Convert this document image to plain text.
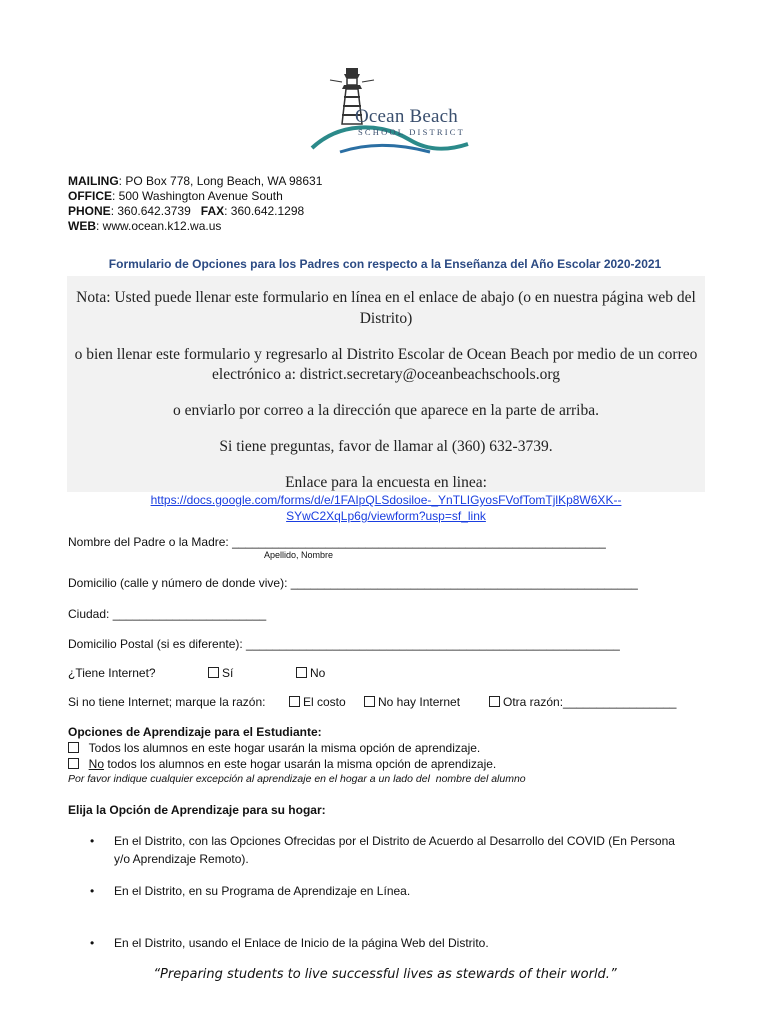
Ocean Beach
SCHOOL DISTRICT
MAILING: PO Box 778, Long Beach, WA 98631
OFFICE: 500 Washington Avenue South
PHONE: 360.642.3739 FAX: 360.642.1298
WEB: www.ocean.k12.wa.us
Formulario de Opciones para los Padres con respecto a la Enseñanza del Año Escolar 2020-2021
Nota: Usted puede llenar este formulario en línea en el enlace de abajo (o en nuestra página web del
Distrito)
o bien llenar este formulario y regresarlo al Distrito Escolar de Ocean Beach por medio de un correo
electrónico a: district.secretary@oceanbeachschools.org
o enviarlo por correo a la dirección que aparece en la parte de arriba.
Si tiene preguntas, favor de llamar al (360) 632-3739.
Enlace para la encuesta en linea:
https://docs.google.com/forms/d/e/1FAIpQLSdosiloe-_YnTLIGyosFVofTomTjlKp8W6XK--
SYwC2XqLp6g/viewform?usp=sf_link
Nombre del Padre o la Madre: ________________________________________________________
Apellido, Nombre
Domicilio (calle y número de donde vive): ____________________________________________________
Ciudad: _______________________
Domicilio Postal (si es diferente): ________________________________________________________
¿Tiene Internet?	Sí	No
Si no tiene Internet; marque la razón:	El costo	No hay Internet	Otra razón:_________________
Opciones de Aprendizaje para el Estudiante:
Todos los alumnos en este hogar usarán la misma opción de aprendizaje.
No todos los alumnos en este hogar usarán la misma opción de aprendizaje.
Por favor indique cualquier excepción al aprendizaje en el hogar a un lado del  nombre del alumno
Elija la Opción de Aprendizaje para su hogar:
• En el Distrito, con las Opciones Ofrecidas por el Distrito de Acuerdo al Desarrollo del COVID (En Persona
y/o Aprendizaje Remoto).
• En el Distrito, en su Programa de Aprendizaje en Línea.
• En el Distrito, usando el Enlace de Inicio de la página Web del Distrito.
“Preparing students to live successful lives as stewards of their world.”
